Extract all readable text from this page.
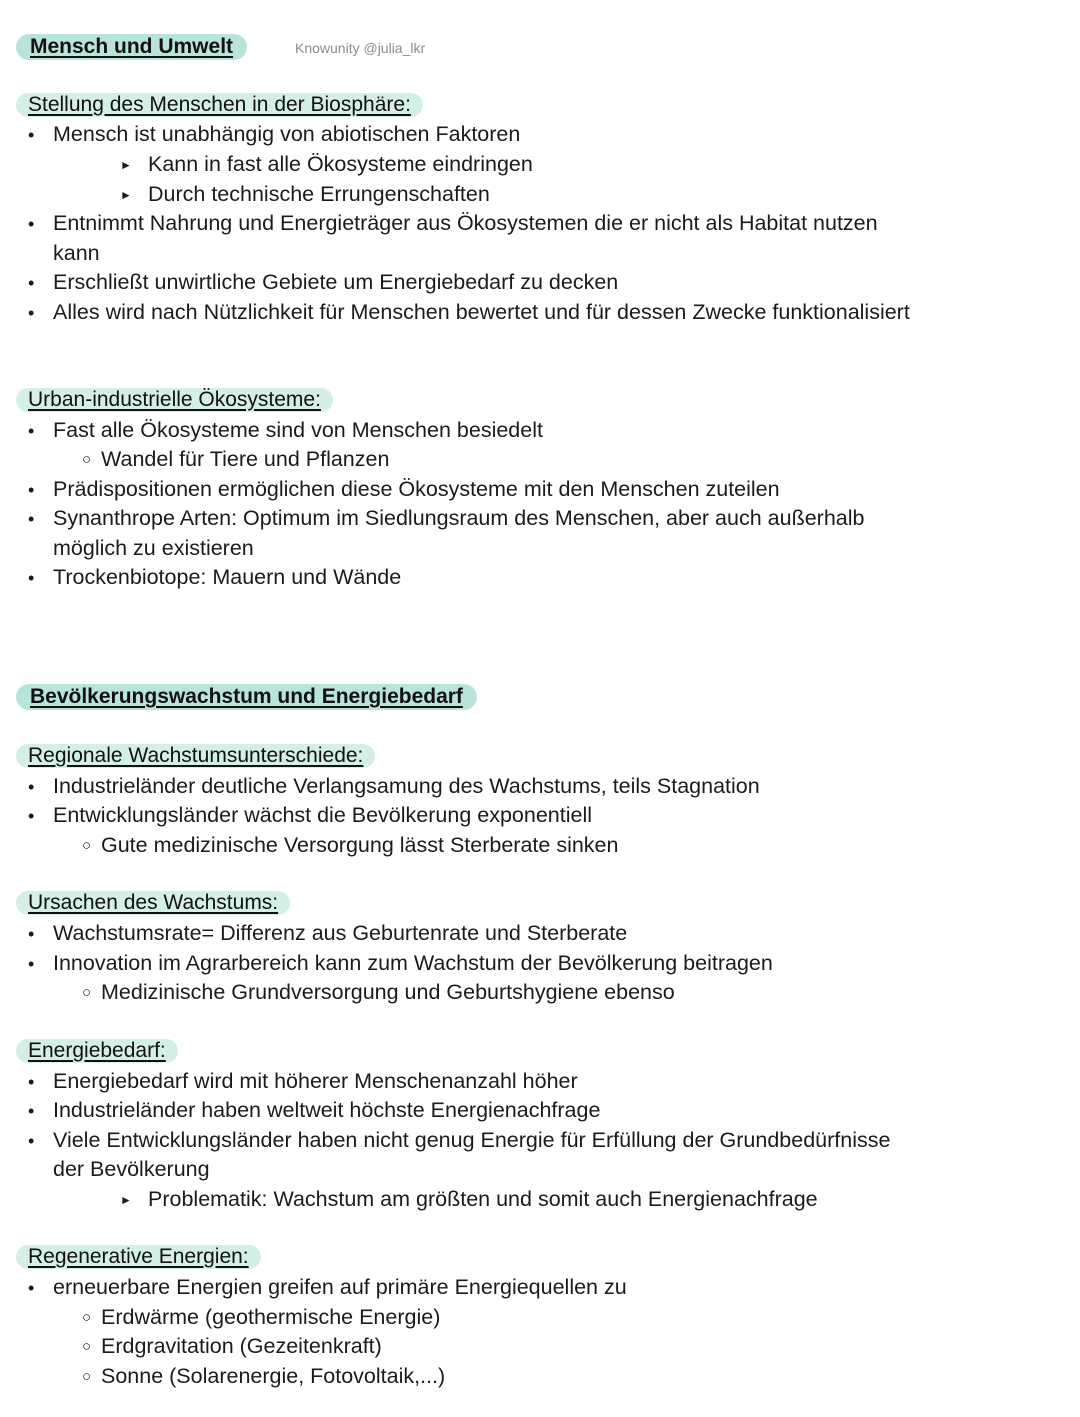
Mensch und Umwelt	Knowunity @julia_lkr
Stellung des Menschen in der Biosphäre:
•Mensch ist unabhängig von abiotischen Faktoren
► Kann in fast alle Ökosysteme eindringen
► Durch technische Errungenschaften
•Entnimmt Nahrung und Energieträger aus Ökosystemen die er nicht als Habitat nutzen
kann
•Erschließt unwirtliche Gebiete um Energiebedarf zu decken
•Alles wird nach Nützlichkeit für Menschen bewertet und für dessen Zwecke funktionalisiert
Urban-industrielle Ökosysteme:
•Fast alle Ökosysteme sind von Menschen besiedelt
○ Wandel für Tiere und Pflanzen
•Prädispositionen ermöglichen diese Ökosysteme mit den Menschen zuteilen
•Synanthrope Arten: Optimum im Siedlungsraum des Menschen, aber auch außerhalb
möglich zu existieren
•Trockenbiotope: Mauern und Wände
Bevölkerungswachstum und Energiebedarf
Regionale Wachstumsunterschiede:
•Industrieländer deutliche Verlangsamung des Wachstums, teils Stagnation
•Entwicklungsländer wächst die Bevölkerung exponentiell
○ Gute medizinische Versorgung lässt Sterberate sinken
Ursachen des Wachstums:
•Wachstumsrate= Differenz aus Geburtenrate und Sterberate
•Innovation im Agrarbereich kann zum Wachstum der Bevölkerung beitragen
○ Medizinische Grundversorgung und Geburtshygiene ebenso
Energiebedarf:
•Energiebedarf wird mit höherer Menschenanzahl höher
•Industrieländer haben weltweit höchste Energienachfrage
•Viele Entwicklungsländer haben nicht genug Energie für Erfüllung der Grundbedürfnisse
der Bevölkerung
► Problematik: Wachstum am größten und somit auch Energienachfrage
Regenerative Energien:
•erneuerbare Energien greifen auf primäre Energiequellen zu
○ Erdwärme (geothermische Energie)
○ Erdgravitation (Gezeitenkraft)
○ Sonne (Solarenergie, Fotovoltaik,...)
